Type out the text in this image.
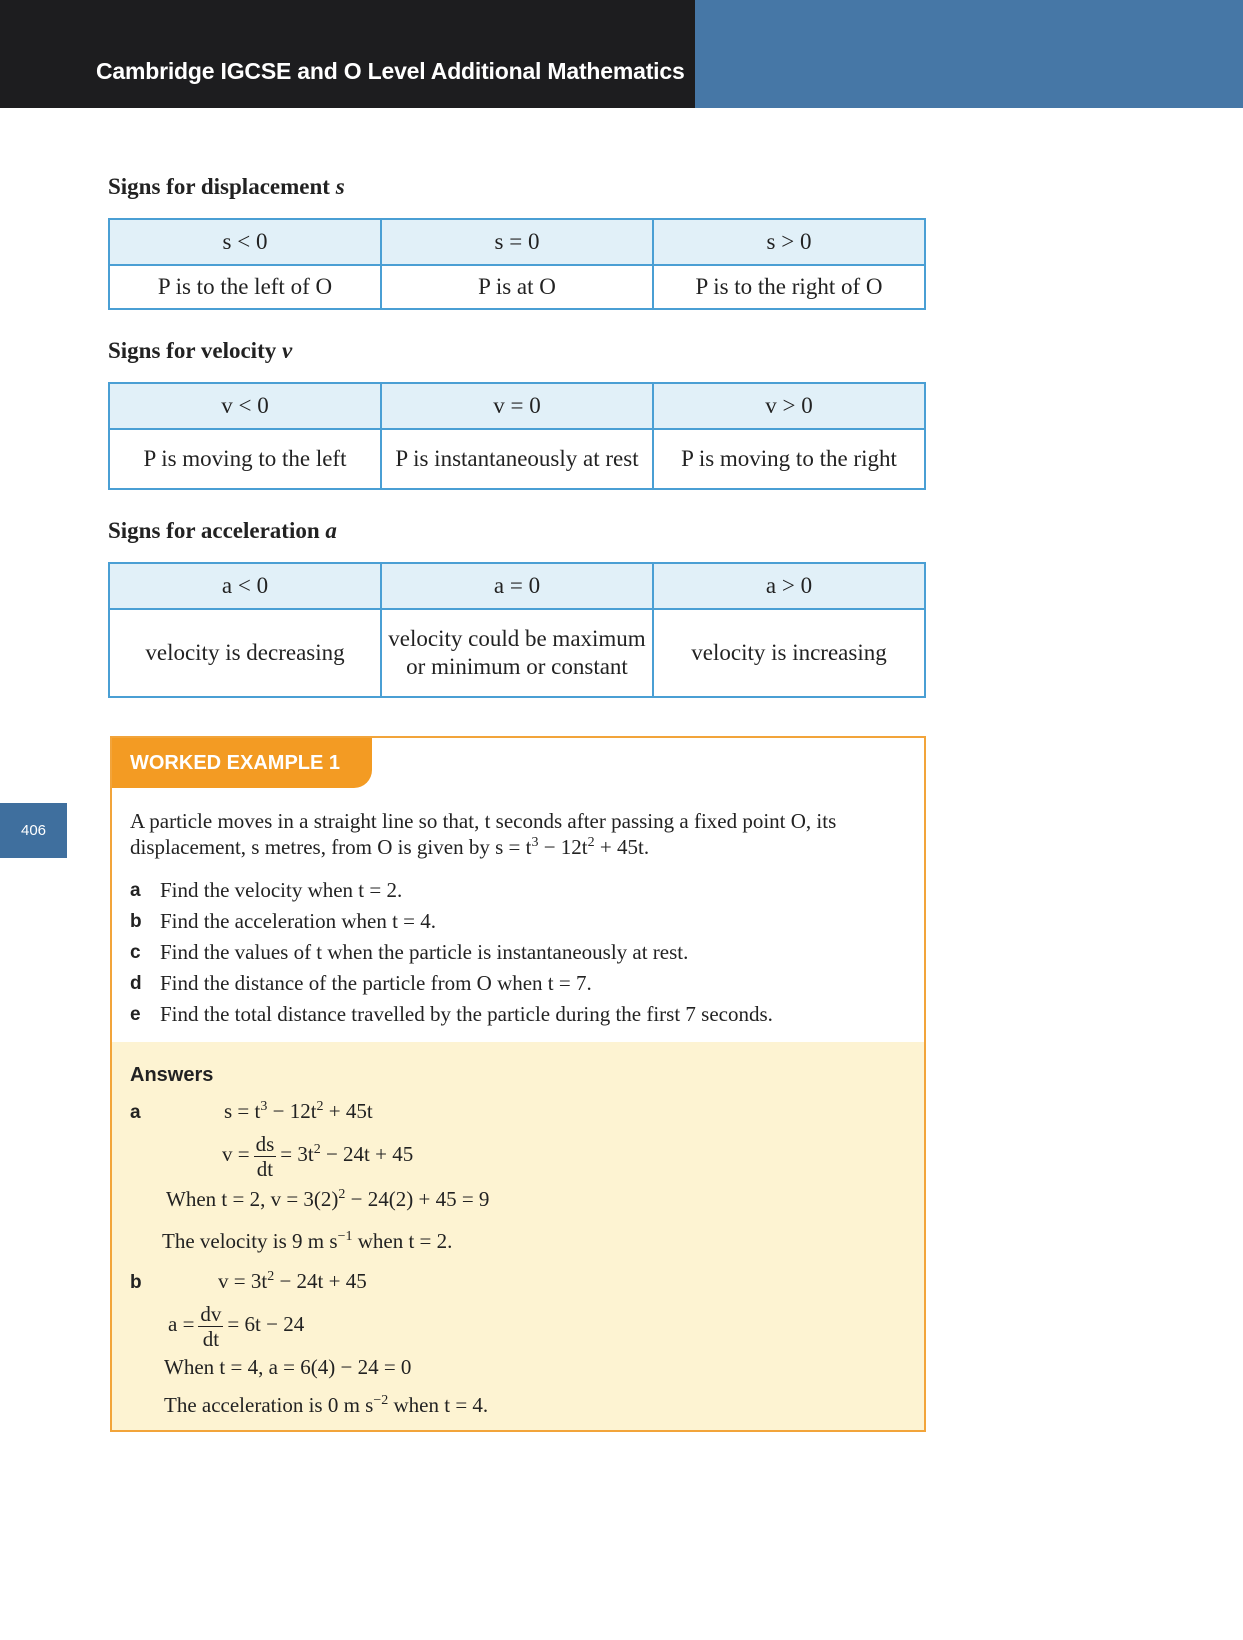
Cambridge IGCSE and O Level Additional Mathematics
406
Signs for displacement s
s < 0	s = 0	s > 0
P is to the left of O	P is at O	P is to the right of O
Signs for velocity v
v < 0	v = 0	v > 0
P is moving to the left	P is instantaneously at rest	P is moving to the right
Signs for acceleration a
a < 0	a = 0	a > 0
velocity is decreasing	velocity could be maximum or minimum or constant	velocity is increasing
WORKED EXAMPLE 1
A particle moves in a straight line so that, t seconds after passing a fixed point O, its
displacement, s metres, from O is given by $s = t^3 - 12t^2 + 45t$.
a Find the velocity when t = 2.
b Find the acceleration when t = 4.
c Find the values of t when the particle is instantaneously at rest.
d Find the distance of the particle from O when t = 7.
e Find the total distance travelled by the particle during the first 7 seconds.
Answers
a	$s = t^3 - 12t^2 + 45t$
$v = \frac{ds}{dt} = 3t^2 - 24t + 45$
When t = 2, $v = 3(2)^2 - 24(2) + 45 = 9$
The velocity is 9 m $s^{-1}$ when t = 2.
b	$v = 3t^2 - 24t + 45$
$a = \frac{dv}{dt} = 6t - 24$
When t = 4, a = 6(4) − 24 = 0
The acceleration is 0 m $s^{-2}$ when t = 4.
